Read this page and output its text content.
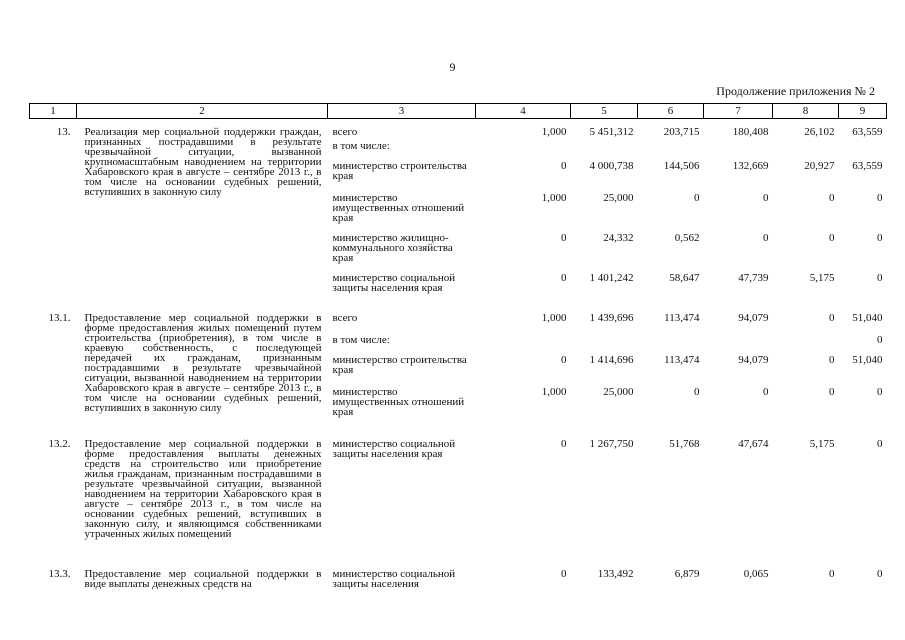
9
Продолжение приложения № 2
1	2	3	4	5	6	7	8	9
13.	Реализация мер социальной поддержки граждан, признанных пострадавшими в результате чрезвычайной ситуации, вызванной крупномасштабным наводнением на территории Хабаровского края в августе – сентябре 2013 г., в том числе на основании судебных решений, вступивших в законную силу	всего	1,000	5 451,312	203,715	180,408	26,102	63,559
		в том числе:						
		министерство строительства края	0	4 000,738	144,506	132,669	20,927	63,559
		министерство имущественных отношений края	1,000	25,000	0	0	0	0
		министерство жилищно-коммунального хозяйства края	0	24,332	0,562	0	0	0
		министерство социальной защиты населения края	0	1 401,242	58,647	47,739	5,175	0
13.1.	Предоставление мер социальной поддержки в форме предоставления жилых помещений путем строительства (приобретения), в том числе в краевую собственность, с последующей передачей их гражданам, признанным пострадавшими в результате чрезвычайной ситуации, вызванной наводнением на территории Хабаровского края в августе – сентябре 2013 г., в том числе на основании судебных решений, вступивших в законную силу	всего	1,000	1 439,696	113,474	94,079	0	51,040
		в том числе:						0
		министерство строительства края	0	1 414,696	113,474	94,079	0	51,040
		министерство имущественных отношений края	1,000	25,000	0	0	0	0
13.2.	Предоставление мер социальной поддержки в форме предоставления выплаты денежных средств на строительство или приобретение жилья гражданам, признанным пострадавшими в результате чрезвычайной ситуации, вызванной наводнением на территории Хабаровского края в августе – сентябре 2013 г., в том числе на основании судебных решений, вступивших в законную силу, и являющимся собственниками утраченных жилых помещений	министерство социальной защиты населения края	0	1 267,750	51,768	47,674	5,175	0
13.3.	Предоставление мер социальной поддержки в виде выплаты денежных средств на	министерство социальной защиты населения	0	133,492	6,879	0,065	0	0
